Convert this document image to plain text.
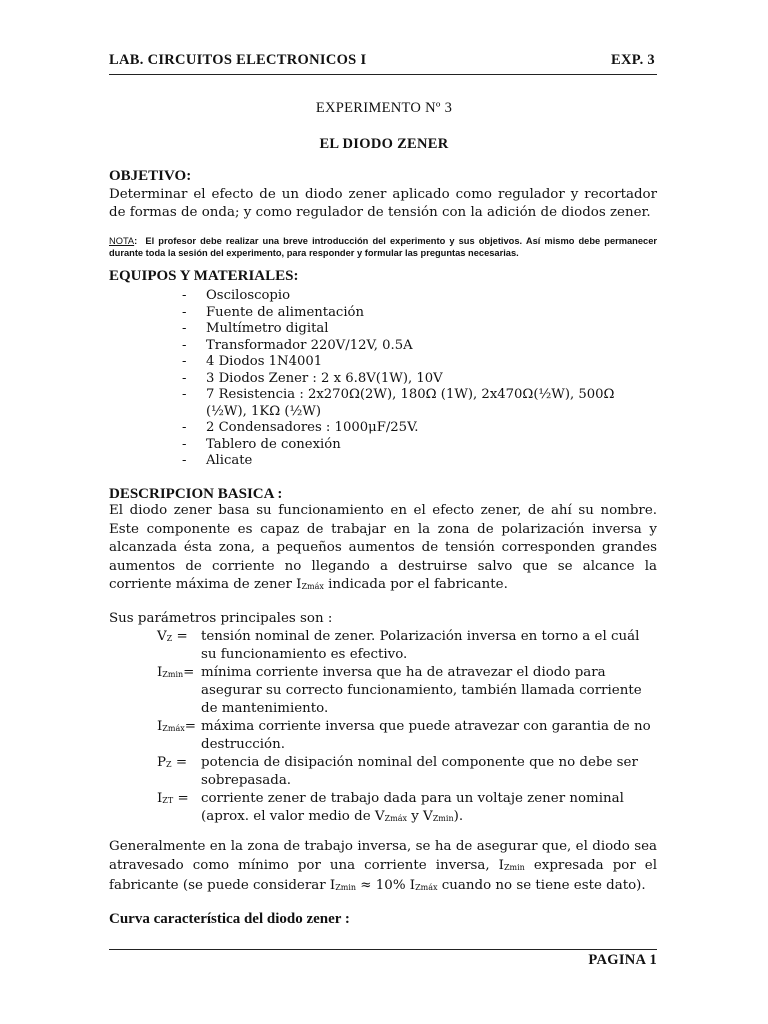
LAB. CIRCUITOS ELECTRONICOS I	EXP. 3
EXPERIMENTO Nº 3
EL DIODO ZENER
OBJETIVO:
Determinar el efecto de un diodo zener aplicado como regulador y recortador de formas de onda; y como regulador de tensión con la adición de diodos zener.
NOTA:  El profesor debe realizar una breve introducción del experimento y sus objetivos. Así mismo debe permanecer durante toda la sesión del experimento, para responder y formular las preguntas necesarias.
EQUIPOS Y MATERIALES:
- Osciloscopio
- Fuente de alimentación
- Multímetro digital
- Transformador 220V/12V, 0.5A
- 4 Diodos 1N4001
- 3 Diodos Zener : 2 x 6.8V(1W), 10V
- 7 Resistencia : 2x270Ω(2W), 180Ω (1W), 2x470Ω(½W), 500Ω (½W), 1KΩ (½W)
- 2 Condensadores : 1000μF/25V.
- Tablero de conexión
- Alicate
DESCRIPCION BASICA :
El diodo zener basa su funcionamiento en el efecto zener, de ahí su nombre. Este componente es capaz de trabajar en la zona de polarización inversa y alcanzada ésta zona, a pequeños aumentos de tensión corresponden grandes aumentos de corriente no llegando a destruirse salvo que se alcance la corriente máxima de zener $I_{Zmáx}$ indicada por el fabricante.
Sus parámetros principales son :
$V_Z$ = tensión nominal de zener. Polarización inversa en torno a el cuál su funcionamiento es efectivo.
$I_{Zmin}=$ mínima corriente inversa que ha de atravezar el diodo para asegurar su correcto funcionamiento, también llamada corriente de mantenimiento.
$I_{Zmáx}=$ máxima corriente inversa que puede atravezar con garantia de no destrucción.
$P_Z$ = potencia de disipación nominal del componente que no debe ser sobrepasada.
$I_{ZT}$ = corriente zener de trabajo dada para un voltaje zener nominal (aprox. el valor medio de $V_{Zmáx}$ y $V_{Zmin}$).
Generalmente en la zona de trabajo inversa, se ha de asegurar que, el diodo sea atravesado como mínimo por una corriente inversa, $I_{Zmin}$ expresada por el fabricante (se puede considerar $I_{Zmin} \approx 10\%$ $I_{Zmáx}$ cuando no se tiene este dato).
Curva característica del diodo zener :
PAGINA 1
